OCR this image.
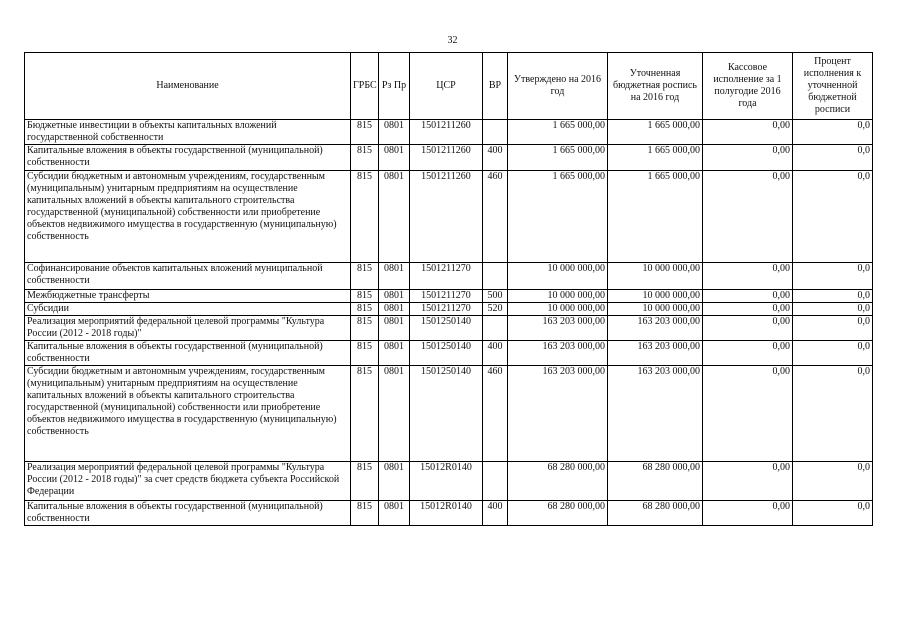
32
Наименование	ГРБС	Рз Пр	ЦСР	ВР	Утверждено на 2016 год	Уточненная бюджетная роспись на 2016 год	Кассовое исполнение за 1 полугодие 2016 года	Процент исполнения к уточненной бюджетной росписи
Бюджетные инвестиции в объекты капитальных вложений государственной собственности	815	0801	1501211260		1 665 000,00	1 665 000,00	0,00	0,0
Капитальные вложения в объекты государственной (муниципальной) собственности	815	0801	1501211260	400	1 665 000,00	1 665 000,00	0,00	0,0
Субсидии бюджетным и автономным учреждениям, государственным (муниципальным) унитарным предприятиям на осуществление капитальных вложений в объекты капитального строительства государственной (муниципальной) собственности или приобретение объектов недвижимого имущества в государственную (муниципальную) собственность	815	0801	1501211260	460	1 665 000,00	1 665 000,00	0,00	0,0
Софинансирование объектов капитальных вложений муниципальной собственности	815	0801	1501211270		10 000 000,00	10 000 000,00	0,00	0,0
Межбюджетные трансферты	815	0801	1501211270	500	10 000 000,00	10 000 000,00	0,00	0,0
Субсидии	815	0801	1501211270	520	10 000 000,00	10 000 000,00	0,00	0,0
Реализация мероприятий федеральной целевой программы "Культура России (2012 - 2018 годы)"	815	0801	1501250140		163 203 000,00	163 203 000,00	0,00	0,0
Капитальные вложения в объекты государственной (муниципальной) собственности	815	0801	1501250140	400	163 203 000,00	163 203 000,00	0,00	0,0
Субсидии бюджетным и автономным учреждениям, государственным (муниципальным) унитарным предприятиям на осуществление капитальных вложений в объекты капитального строительства государственной (муниципальной) собственности или приобретение объектов недвижимого имущества в государственную (муниципальную) собственность	815	0801	1501250140	460	163 203 000,00	163 203 000,00	0,00	0,0
Реализация мероприятий федеральной целевой программы "Культура России (2012 - 2018 годы)" за счет средств бюджета субъекта Российской Федерации	815	0801	15012R0140		68 280 000,00	68 280 000,00	0,00	0,0
Капитальные вложения в объекты государственной (муниципальной) собственности	815	0801	15012R0140	400	68 280 000,00	68 280 000,00	0,00	0,0
